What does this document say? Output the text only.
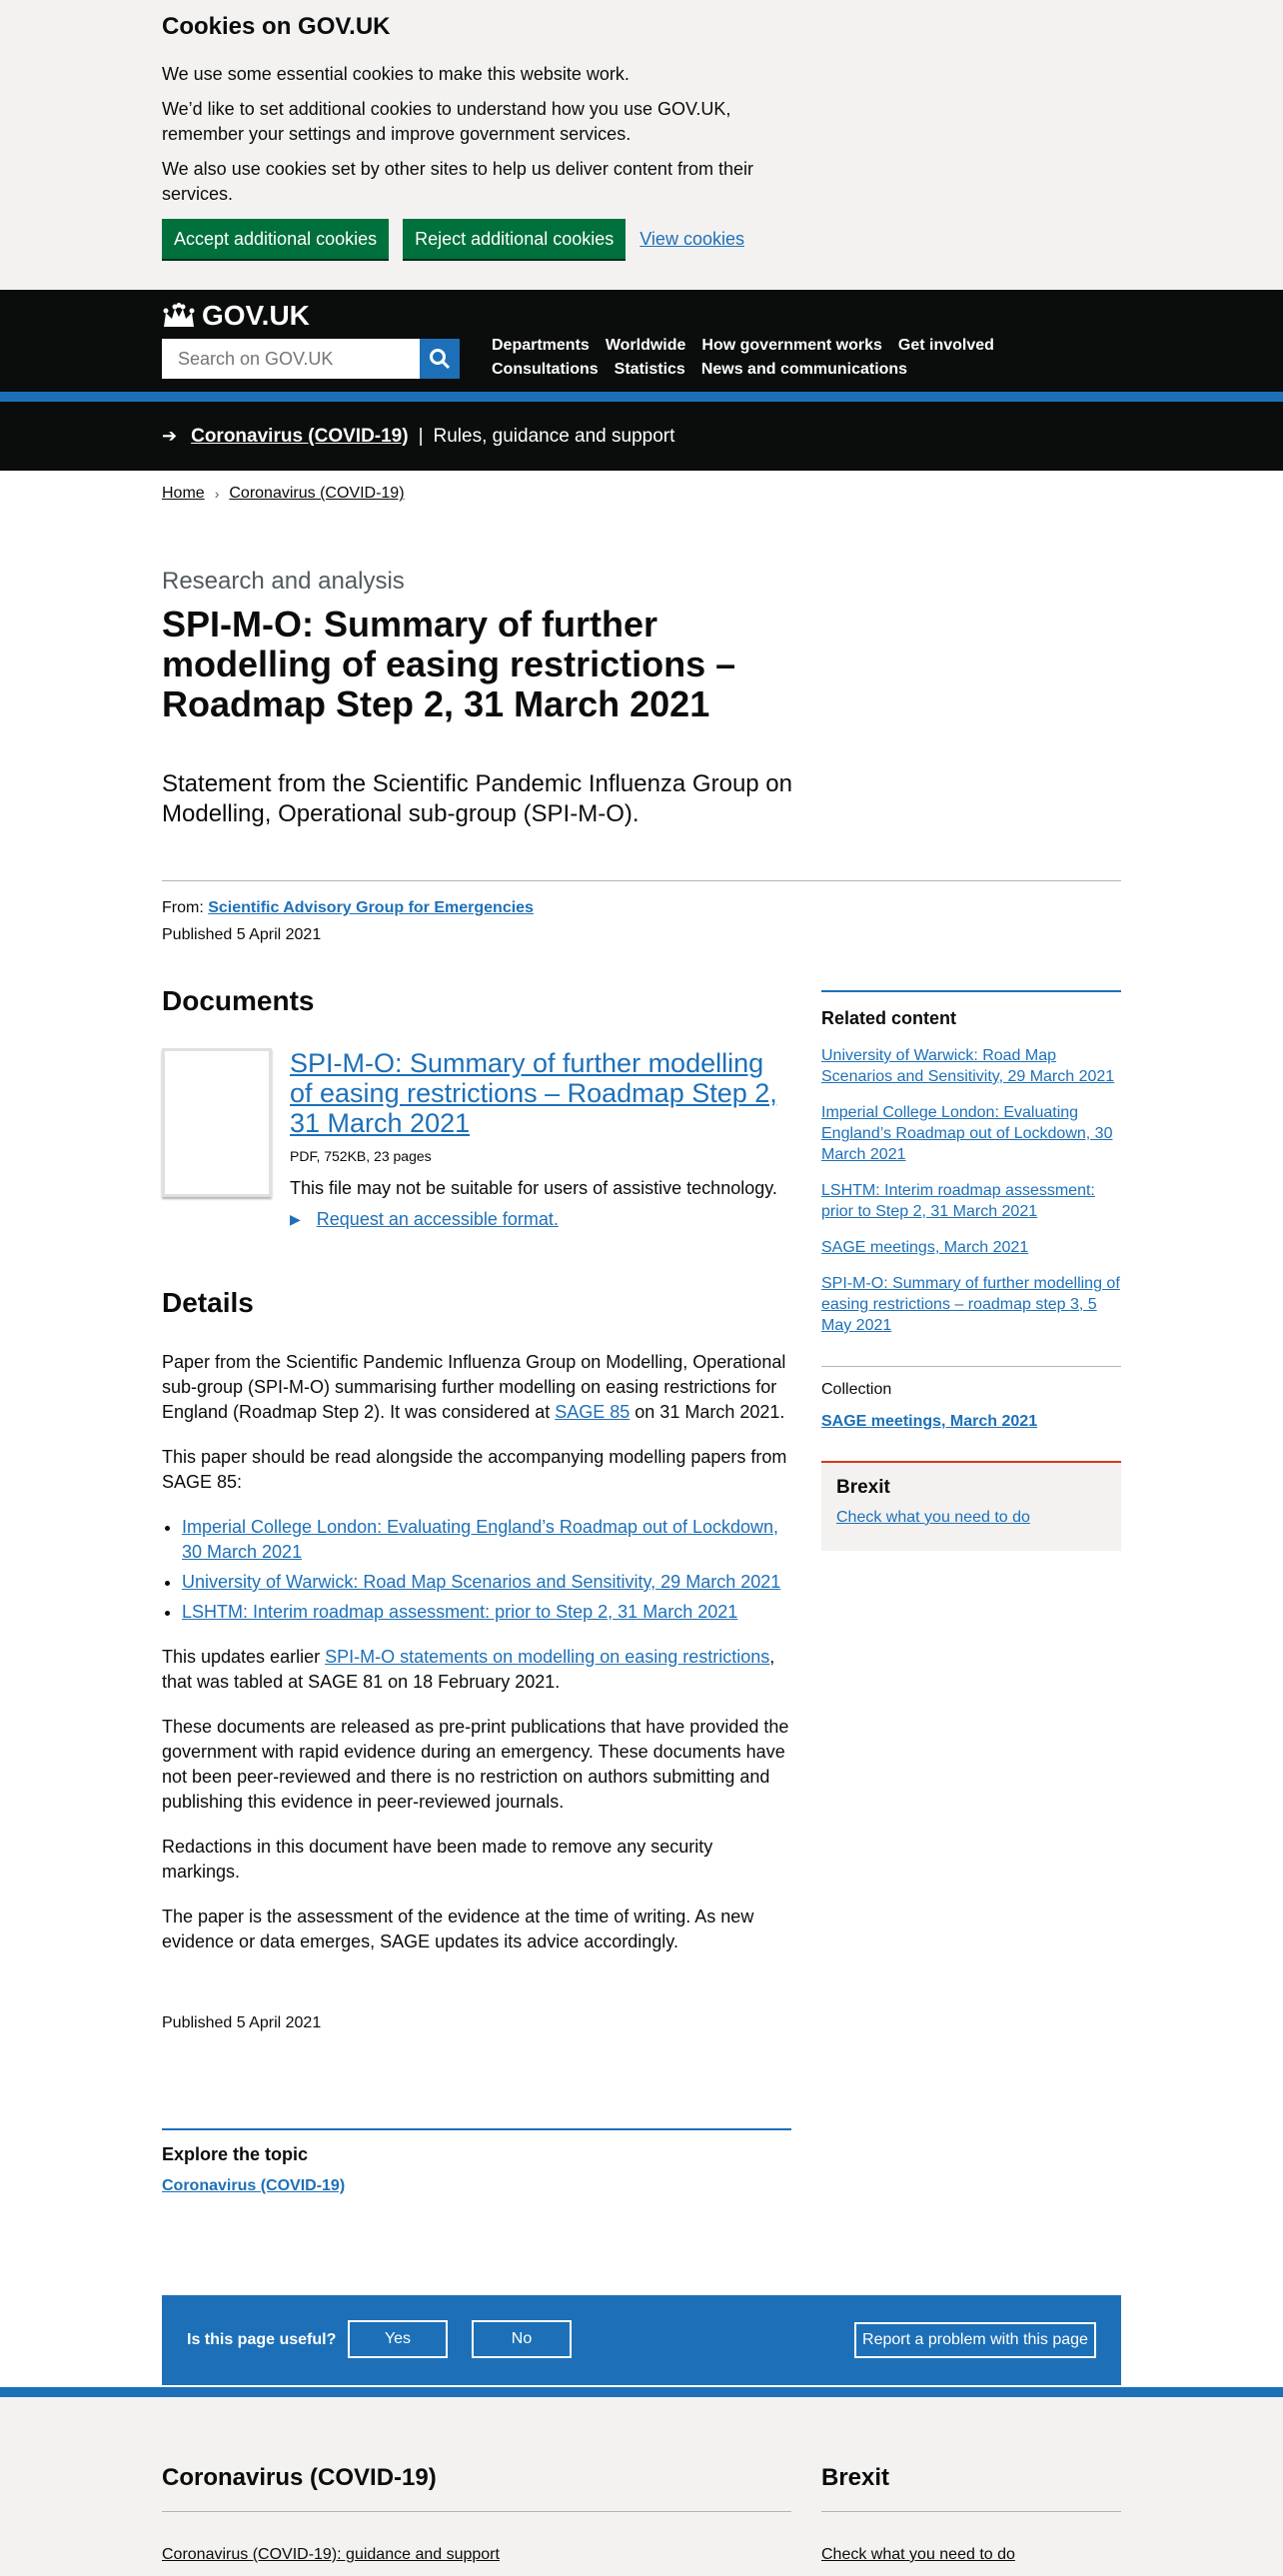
Cookies on GOV.UK

We use some essential cookies to make this website work.

We’d like to set additional cookies to understand how you use GOV.UK, remember your settings and improve government services.

We also use cookies set by other sites to help us deliver content from their services.

Accept additional cookies	Reject additional cookies	View cookies
GOV.UK
Search on GOV.UK
Departments Worldwide How government works Get involved
Consultations Statistics News and communications
➔ Coronavirus (COVID-19) | Rules, guidance and support
Home › Coronavirus (COVID-19)
Research and analysis
SPI-M-O: Summary of further modelling of easing restrictions – Roadmap Step 2, 31 March 2021

Statement from the Scientific Pandemic Influenza Group on Modelling, Operational sub-group (SPI-M-O).

From: Scientific Advisory Group for Emergencies
Published 5 April 2021
Documents
SPI-M-O: Summary of further modelling of easing restrictions – Roadmap Step 2, 31 March 2021
PDF, 752KB, 23 pages
This file may not be suitable for users of assistive technology.
▶ Request an accessible format.
Details

Paper from the Scientific Pandemic Influenza Group on Modelling, Operational sub-group (SPI-M-O) summarising further modelling on easing restrictions for England (Roadmap Step 2). It was considered at SAGE 85 on 31 March 2021.

This paper should be read alongside the accompanying modelling papers from SAGE 85:

• Imperial College London: Evaluating England’s Roadmap out of Lockdown, 30 March 2021
• University of Warwick: Road Map Scenarios and Sensitivity, 29 March 2021
• LSHTM: Interim roadmap assessment: prior to Step 2, 31 March 2021

This updates earlier SPI-M-O statements on modelling on easing restrictions, that was tabled at SAGE 81 on 18 February 2021.

These documents are released as pre-print publications that have provided the government with rapid evidence during an emergency. These documents have not been peer-reviewed and there is no restriction on authors submitting and publishing this evidence in peer-reviewed journals.

Redactions in this document have been made to remove any security markings.

The paper is the assessment of the evidence at the time of writing. As new evidence or data emerges, SAGE updates its advice accordingly.

Published 5 April 2021
Explore the topic
Coronavirus (COVID-19)
Related content
University of Warwick: Road Map Scenarios and Sensitivity, 29 March 2021
Imperial College London: Evaluating England’s Roadmap out of Lockdown, 30 March 2021
LSHTM: Interim roadmap assessment: prior to Step 2, 31 March 2021
SAGE meetings, March 2021
SPI-M-O: Summary of further modelling of easing restrictions – roadmap step 3, 5 May 2021
Collection
SAGE meetings, March 2021
Brexit
Check what you need to do
Is this page useful?	Yes	No	Report a problem with this page
Coronavirus (COVID-19)
Coronavirus (COVID-19): guidance and support
Brexit
Check what you need to do
